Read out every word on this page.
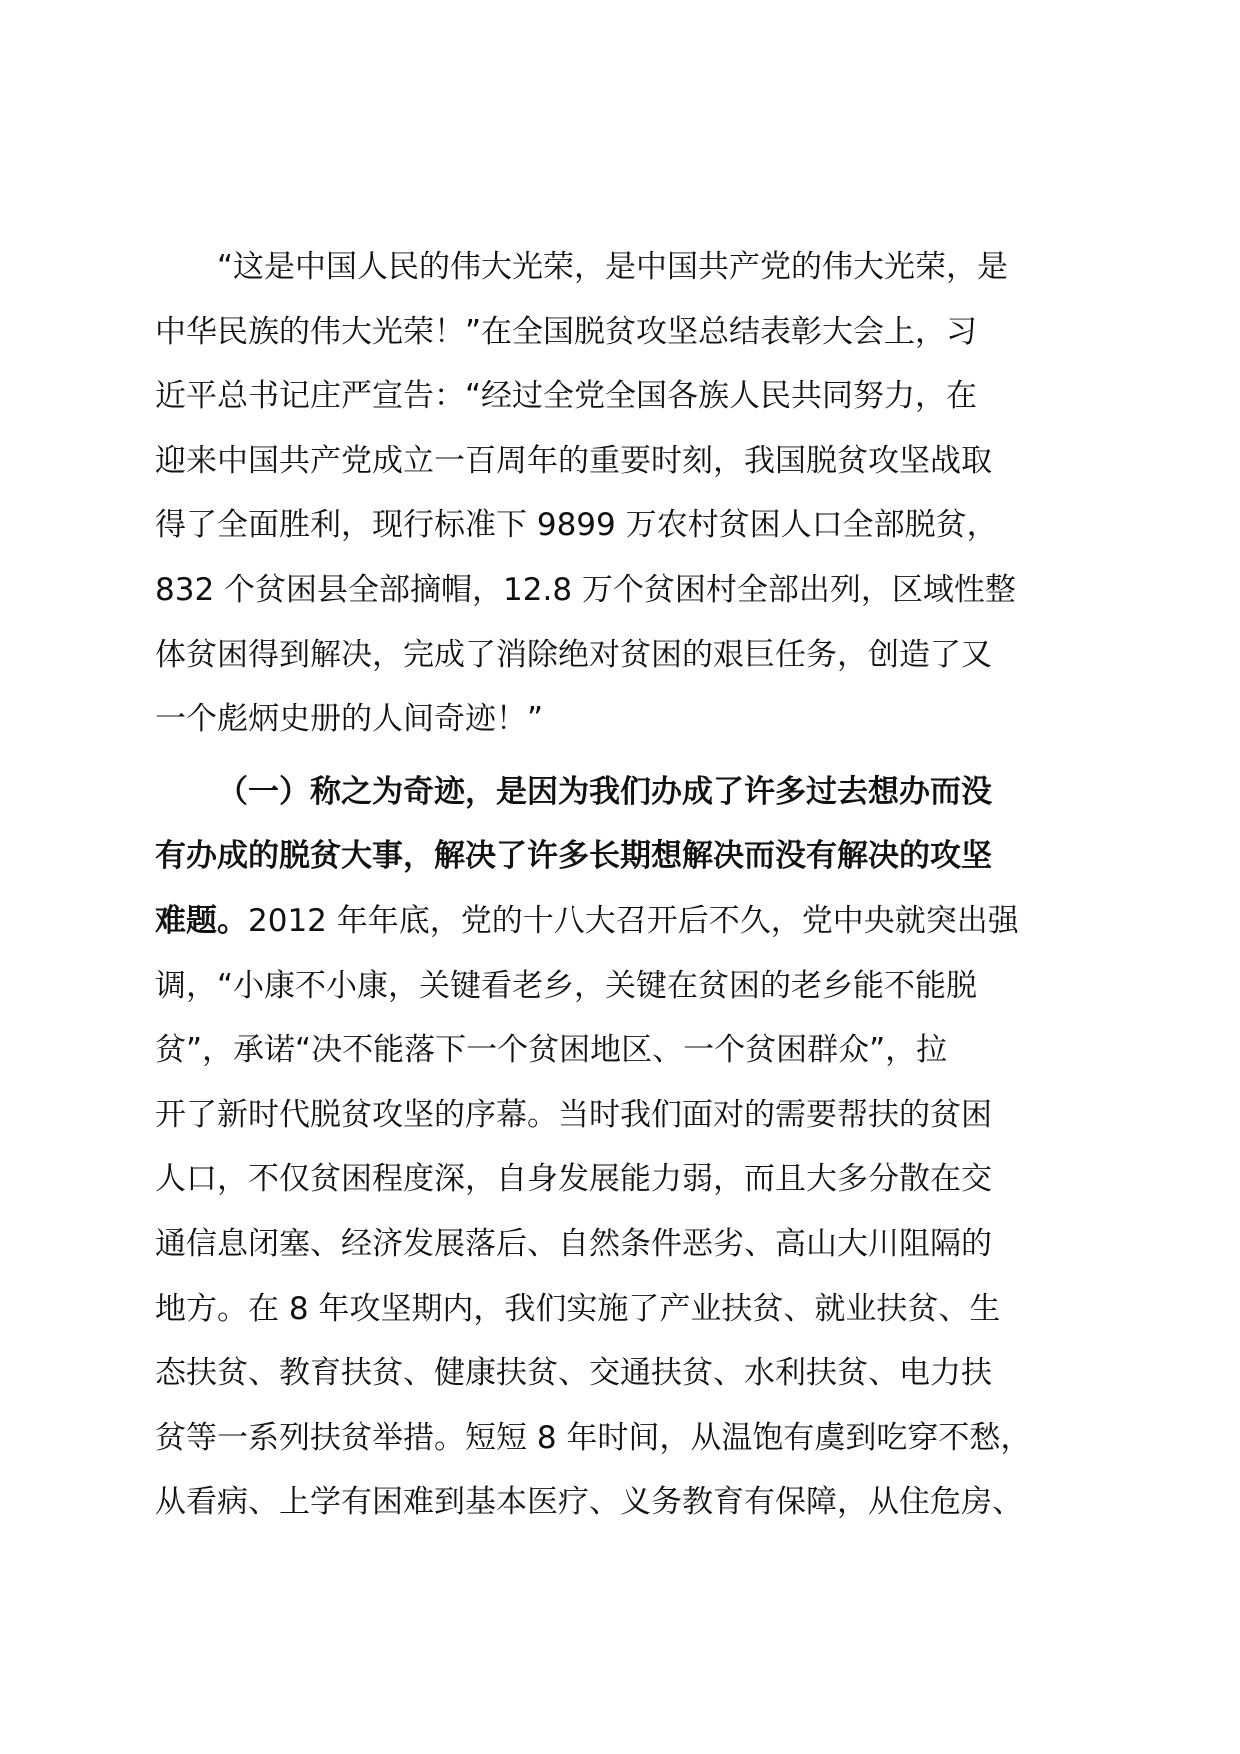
“这是中国人民的伟大光荣，是中国共产党的伟大光荣，是
中华民族的伟大光荣！”在全国脱贫攻坚总结表彰大会上，习
近平总书记庄严宣告：“经过全党全国各族人民共同努力，在
迎来中国共产党成立一百周年的重要时刻，我国脱贫攻坚战取
得了全面胜利，现行标准下 9899 万农村贫困人口全部脱贫，
832 个贫困县全部摘帽，12.8 万个贫困村全部出列，区域性整
体贫困得到解决，完成了消除绝对贫困的艰巨任务，创造了又
一个彪炳史册的人间奇迹！”
（一）称之为奇迹，是因为我们办成了许多过去想办而没
有办成的脱贫大事，解决了许多长期想解决而没有解决的攻坚
难题。2012 年年底，党的十八大召开后不久，党中央就突出强
调，“小康不小康，关键看老乡，关键在贫困的老乡能不能脱
贫”，承诺“决不能落下一个贫困地区、一个贫困群众”，拉
开了新时代脱贫攻坚的序幕。当时我们面对的需要帮扶的贫困
人口，不仅贫困程度深，自身发展能力弱，而且大多分散在交
通信息闭塞、经济发展落后、自然条件恶劣、高山大川阻隔的
地方。在 8 年攻坚期内，我们实施了产业扶贫、就业扶贫、生
态扶贫、教育扶贫、健康扶贫、交通扶贫、水利扶贫、电力扶
贫等一系列扶贫举措。短短 8 年时间，从温饱有虞到吃穿不愁，
从看病、上学有困难到基本医疗、义务教育有保障，从住危房、
